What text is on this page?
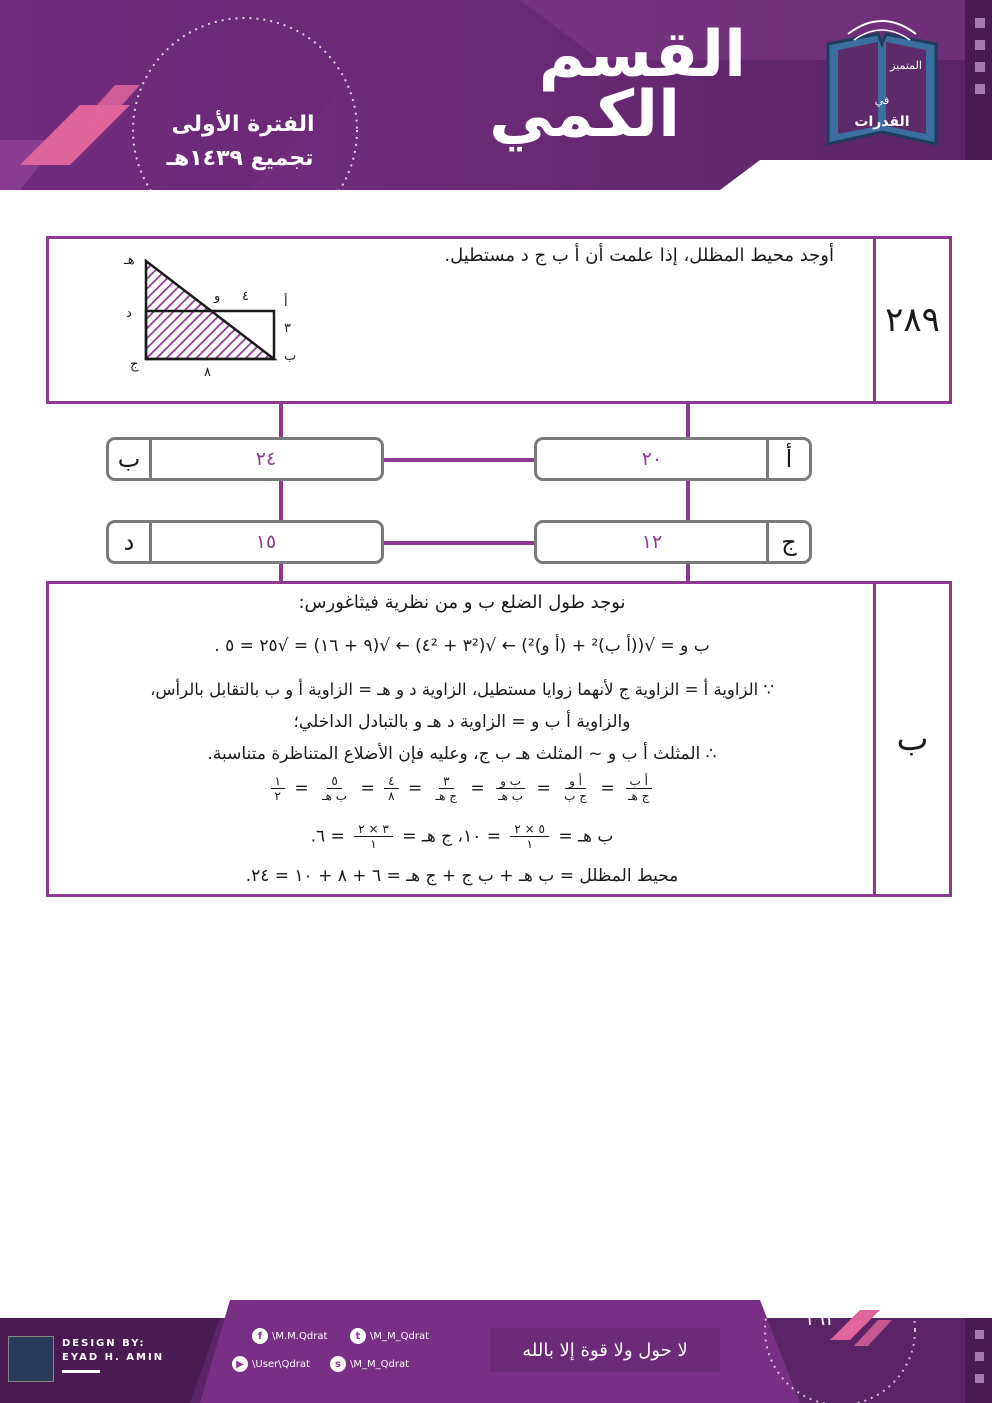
القسم
الكمي
الفترة الأولى
تجميع ١٤٣٩هـ
المتميز
في
القدرات
٢٨٩
أوجد محيط المظلل، إذا علمت أن أ ب ج د مستطيل.
هـ
د
ج
أ
ب
و
٨
٣
٤
أ
٢٠
ب	٢٤
ج
١٢
د	١٥
ب
نوجد طول الضلع ب و من نظرية فيثاغورس:
ب و = √((أ ب)² + (أ و)²) ← √(٣² + ٤²) ← √(٩ + ١٦) = √٢٥ = ٥ .
∵ الزاوية أ = الزاوية ج لأنهما زوايا مستطيل، الزاوية د و هـ = الزاوية أ و ب بالتقابل بالرأس،
والزاوية أ ب و = الزاوية د هـ و بالتبادل الداخلي؛
∴ المثلث أ ب و ~ المثلث هـ ب ج، وعليه فإن الأضلاع المتناظرة متناسبة.
$\frac{\text{أ ب}}{\text{ج هـ}}$
=
$\frac{\text{أ و}}{\text{ج ب}}$
=
$\frac{\text{ب و}}{\text{ب هـ}}$
=
$\frac{٣}{\text{ج هـ}}$
=
$\frac{٤}{٨}$
=
$\frac{٥}{\text{ب هـ}}$
=
$\frac{١}{٢}$
ب هـ =
$\frac{٥ \times ٢}{١}$
= ١٠، ج هـ =
$\frac{٣ \times ٢}{١}$
= ٦.
محيط المظلل = ب هـ + ب ج + ج هـ = ٦ + ٨ + ١٠ = ٢٤.
١٦٣
DESIGN BY:
EYAD H. AMIN
f \M.M.Qdrat	t \M_M_Qdrat
▶ \User\Qdrat	s \M_M_Qdrat
لا حول ولا قوة إلا بالله
